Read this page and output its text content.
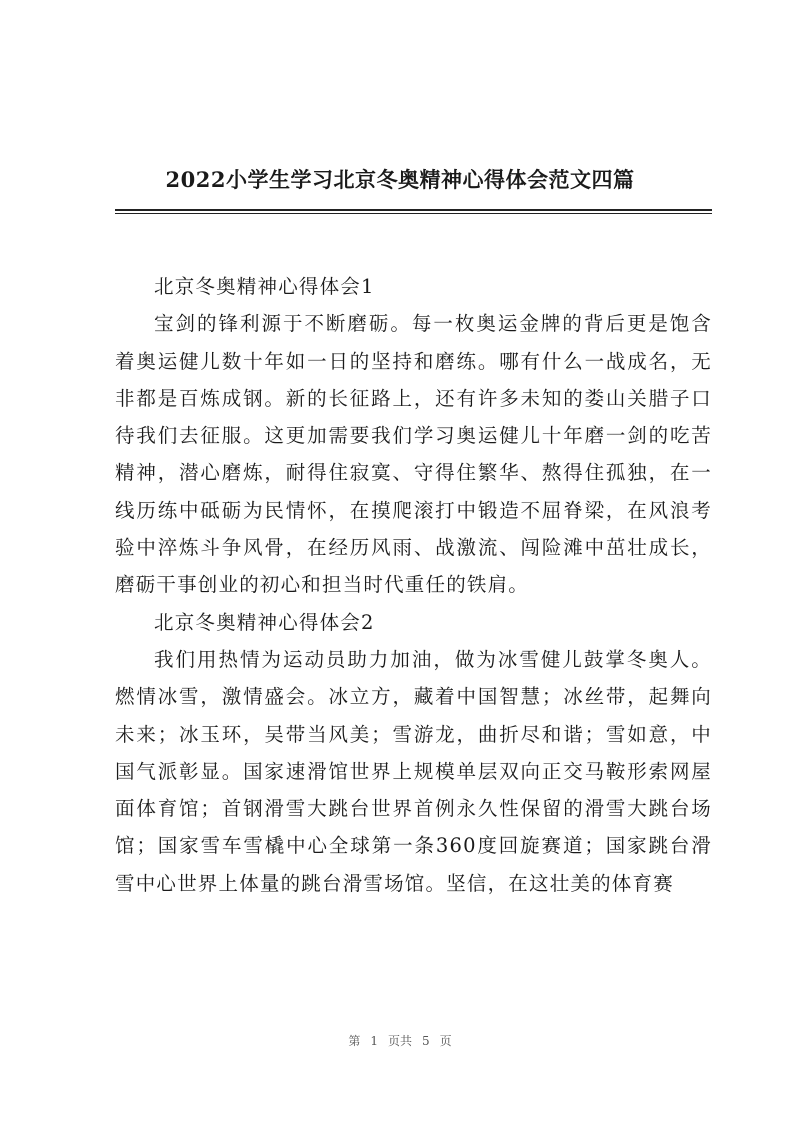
2022小学生学习北京冬奥精神心得体会范文四篇

北京冬奥精神心得体会1

宝剑的锋利源于不断磨砺。每一枚奥运金牌的背后更是饱含着奥运健儿数十年如一日的坚持和磨练。哪有什么一战成名，无非都是百炼成钢。新的长征路上，还有许多未知的娄山关腊子口待我们去征服。这更加需要我们学习奥运健儿十年磨一剑的吃苦精神，潜心磨炼，耐得住寂寞、守得住繁华、熬得住孤独，在一线历练中砥砺为民情怀，在摸爬滚打中锻造不屈脊梁，在风浪考验中淬炼斗争风骨，在经历风雨、战激流、闯险滩中茁壮成长，磨砺干事创业的初心和担当时代重任的铁肩。

北京冬奥精神心得体会2

我们用热情为运动员助力加油，做为冰雪健儿鼓掌冬奥人。燃情冰雪，激情盛会。冰立方，藏着中国智慧；冰丝带，起舞向未来；冰玉环，吴带当风美；雪游龙，曲折尽和谐；雪如意，中国气派彰显。国家速滑馆世界上规模单层双向正交马鞍形索网屋面体育馆；首钢滑雪大跳台世界首例永久性保留的滑雪大跳台场馆；国家雪车雪橇中心全球第一条360度回旋赛道；国家跳台滑雪中心世界上体量的跳台滑雪场馆。坚信，在这壮美的体育赛

第 1 页共 5 页
